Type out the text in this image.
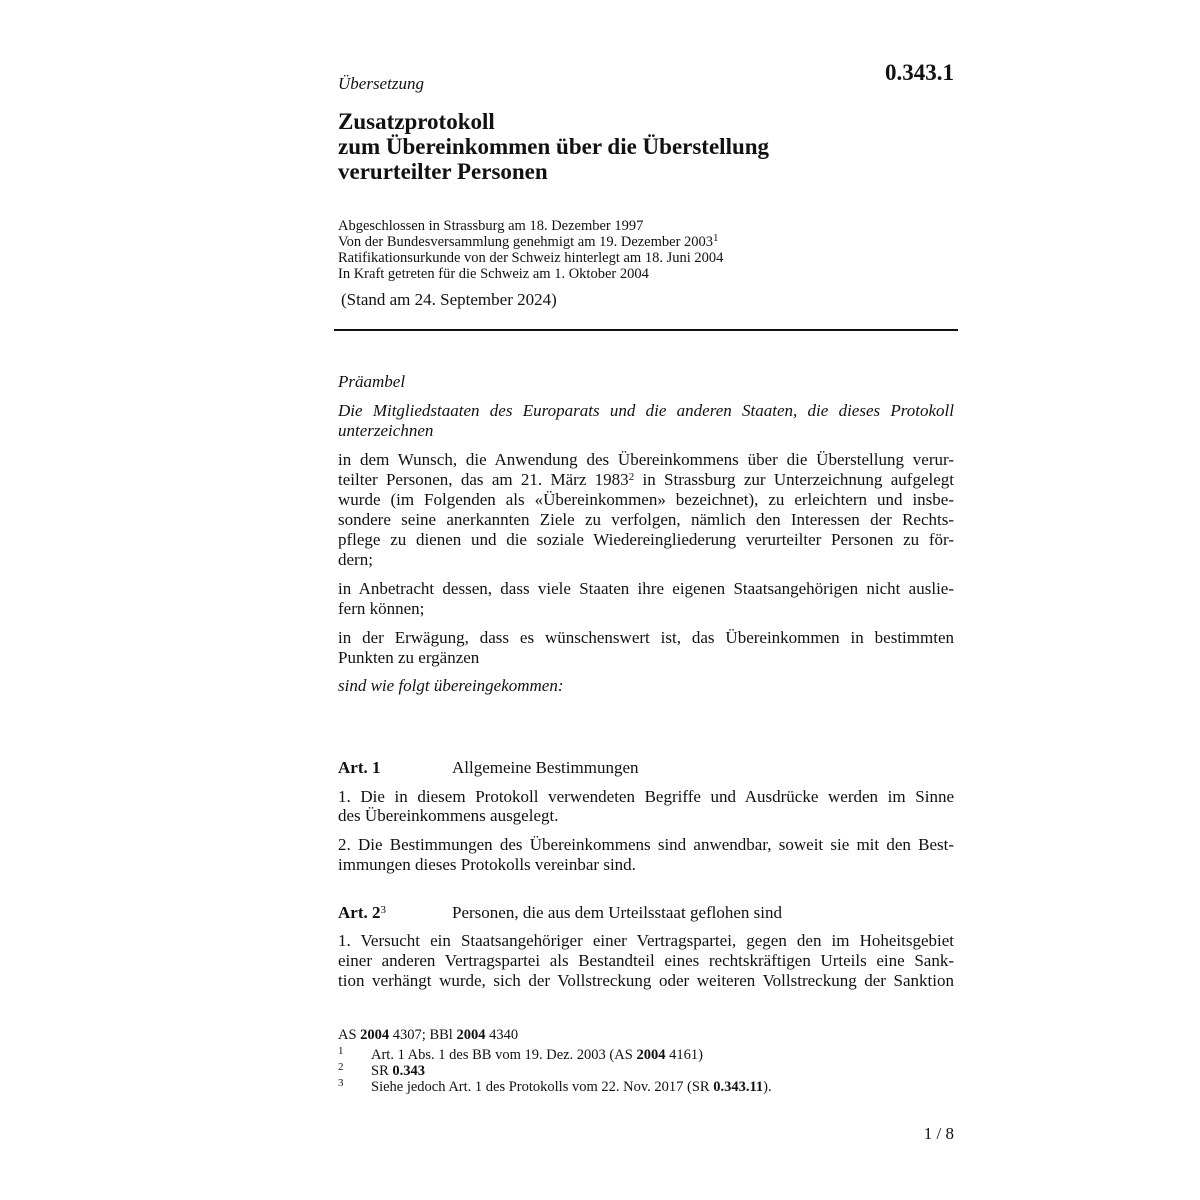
0.343.1
Übersetzung
Zusatzprotokoll
zum Übereinkommen über die Überstellung
verurteilter Personen
Abgeschlossen in Strassburg am 18. Dezember 1997
Von der Bundesversammlung genehmigt am 19. Dezember 2003$^1$
Ratifikationsurkunde von der Schweiz hinterlegt am 18. Juni 2004
In Kraft getreten für die Schweiz am 1. Oktober 2004
(Stand am 24. September 2024)
Präambel
Die Mitgliedstaaten des Europarats und die anderen Staaten, die dieses Protokoll
unterzeichnen
in dem Wunsch, die Anwendung des Übereinkommens über die Überstellung verur-
teilter Personen, das am 21. März 1983$^2$ in Strassburg zur Unterzeichnung aufgelegt
wurde (im Folgenden als «Übereinkommen» bezeichnet), zu erleichtern und insbe-
sondere seine anerkannten Ziele zu verfolgen, nämlich den Interessen der Rechts-
pflege zu dienen und die soziale Wiedereingliederung verurteilter Personen zu för-
dern;
in Anbetracht dessen, dass viele Staaten ihre eigenen Staatsangehörigen nicht auslie-
fern können;
in der Erwägung, dass es wünschenswert ist, das Übereinkommen in bestimmten
Punkten zu ergänzen
sind wie folgt übereingekommen:
Art. 1	Allgemeine Bestimmungen
1. Die in diesem Protokoll verwendeten Begriffe und Ausdrücke werden im Sinne
des Übereinkommens ausgelegt.
2. Die Bestimmungen des Übereinkommens sind anwendbar, soweit sie mit den Best-
immungen dieses Protokolls vereinbar sind.
Art. $2^3$	Personen, die aus dem Urteilsstaat geflohen sind
1. Versucht ein Staatsangehöriger einer Vertragspartei, gegen den im Hoheitsgebiet
einer anderen Vertragspartei als Bestandteil eines rechtskräftigen Urteils eine Sank-
tion verhängt wurde, sich der Vollstreckung oder weiteren Vollstreckung der Sanktion
AS 2004 4307; BBl 2004 4340
1 Art. 1 Abs. 1 des BB vom 19. Dez. 2003 (AS 2004 4161)
2 SR 0.343
3 Siehe jedoch Art. 1 des Protokolls vom 22. Nov. 2017 (SR 0.343.11).
1 / 8
